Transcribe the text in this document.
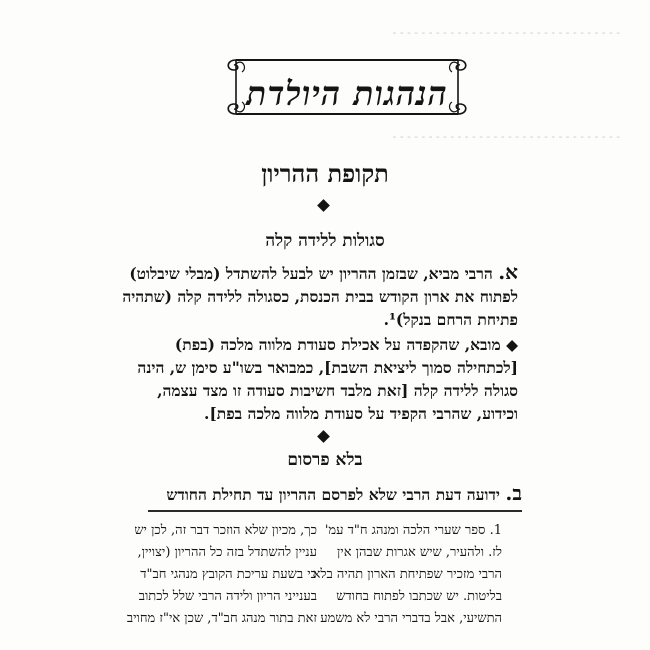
- - - - - - - - - - - - - - - - - - - - - - - - - - - - - - - -
- - - - - - - - - - - - - - - - - - - - - - - - - - - - - - - -
הנהגות היולדת
תקופת ההריון
סגולות ללידה קלה
א. הרבי מביא, שבזמן ההריון יש לבעל להשתדל (מבלי שיבלוט)
לפתוח את ארון הקודש בבית הכנסת, כסגולה ללידה קלה (שתהיה
פתיחת הרחם בנקל)¹.
◆ מובא, שהקפדה על אכילת סעודת מלווה מלכה (בפת)
[לכתחילה סמוך ליציאת השבת], כמבואר בשו"ע סימן ש, הינה
סגולה ללידה קלה [זאת מלבד חשיבות סעודה זו מצד עצמה,
וכידוע, שהרבי הקפיד על סעודת מלווה מלכה בפת].
בלא פרסום
ב. ידועה דעת הרבי שלא לפרסם ההריון עד תחילת החודש
1. ספר שערי הלכה ומנהג ח"ד עמ'
לז. ולהעיר, שיש אגרות שבהן אין
הרבי מזכיר שפתיחת הארון תהיה בלא
בליטות. יש שכתבו לפתוח בחודש
התשיעי, אבל בדברי הרבי לא משמע
כך, מכיון שלא הוזכר דבר זה, לכן יש
עניין להשתדל בזה כל ההריון (יצויין,
כי בשעת עריכת הקובץ מנהגי חב"ד
בענייני הריון ולידה הרבי שלל לכתוב
זאת בתור מנהג חב"ד, שכן אי"ז מחויב
